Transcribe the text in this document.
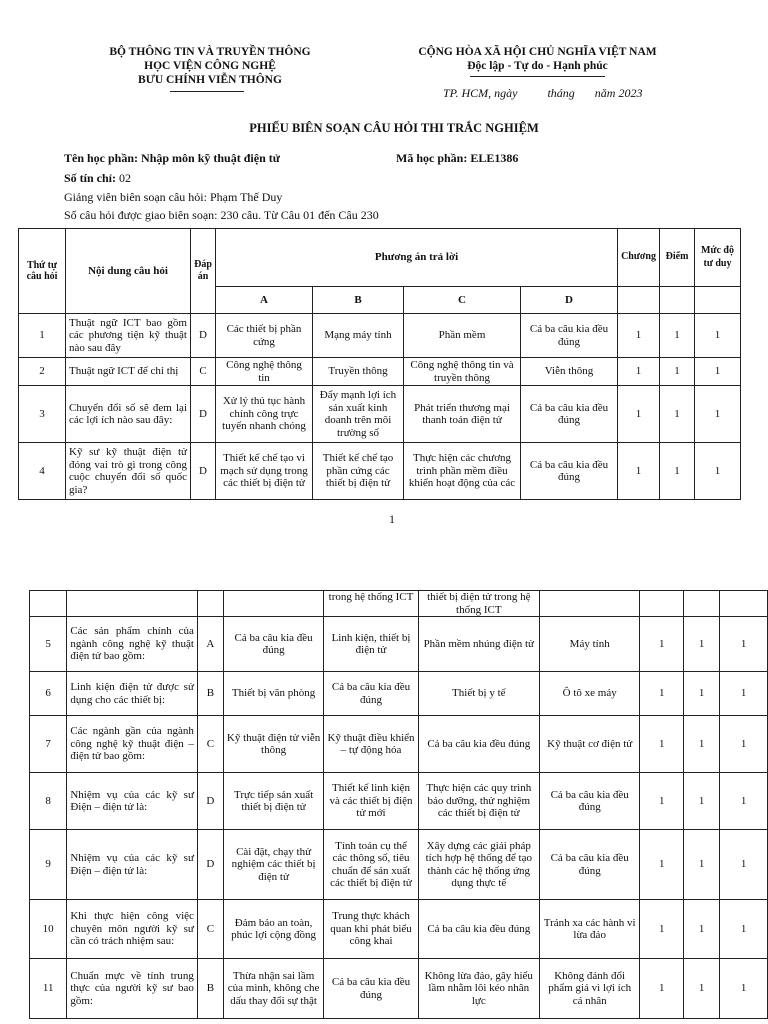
BỘ THÔNG TIN VÀ TRUYỀN THÔNG
HỌC VIỆN CÔNG NGHỆ
BƯU CHÍNH VIỄN THÔNG
CỘNG HÒA XÃ HỘI CHỦ NGHĨA VIỆT NAM
Độc lập - Tự do - Hạnh phúc
TP. HCM, ngày	tháng năm 2023
PHIẾU BIÊN SOẠN CÂU HỎI THI TRẮC NGHIỆM
Tên học phần: Nhập môn kỹ thuật điện tử	Mã học phần: ELE1386
Số tín chỉ: 02
Giảng viên biên soạn câu hỏi: Phạm Thế Duy
Số câu hỏi được giao biên soạn: 230 câu. Từ Câu 01 đến Câu 230
Thứ tự câu hỏi	Nội dung câu hỏi	Đáp án	Phương án trả lời				Chương	Điểm	Mức độ tư duy
			A	B	C	D			
1	Thuật ngữ ICT bao gồm các phương tiện kỹ thuật nào sau đây	D	Các thiết bị phần cứng	Mạng máy tính	Phần mềm	Cả ba câu kia đều đúng	1	1	1
2	Thuật ngữ ICT để chỉ thị	C	Công nghệ thông tin	Truyền thông	Công nghệ thông tin và truyền thông	Viễn thông	1	1	1
3	Chuyển đổi số sẽ đem lại các lợi ích nào sau đây:	D	Xử lý thủ tục hành chính công trực tuyến nhanh chóng	Đẩy mạnh lợi ích sản xuất kinh doanh trên môi trường số	Phát triển thương mại thanh toán điện tử	Cả ba câu kia đều đúng	1	1	1
4	Kỹ sư kỹ thuật điện tử đóng vai trò gì trong công cuộc chuyển đổi số quốc gia?	D	Thiết kế chế tạo vi mạch sử dụng trong các thiết bị điện tử	Thiết kế chế tạo phần cứng các thiết bị điện tử	Thực hiện các chương trình phần mềm điều khiển hoạt động của các	Cả ba câu kia đều đúng	1	1	1
1
				trong hệ thống ICT	thiết bị điện tử trong hệ thống ICT				
5	Các sản phẩm chính của ngành công nghệ kỹ thuật điện tử bao gồm:	A	Cả ba câu kia đều đúng	Linh kiện, thiết bị điện tử	Phần mềm nhúng điện tử	Máy tính	1	1	1
6	Linh kiện điện tử được sử dụng cho các thiết bị:	B	Thiết bị văn phòng	Cả ba câu kia đều đúng	Thiết bị y tế	Ô tô xe máy	1	1	1
7	Các ngành gần của ngành công nghệ kỹ thuật điện – điện tử bao gồm:	C	Kỹ thuật điện tử viễn thông	Kỹ thuật điều khiển – tự động hóa	Cả ba câu kia đều đúng	Kỹ thuật cơ điện tử	1	1	1
8	Nhiệm vụ của các kỹ sư Điện – điện tử là:	D	Trực tiếp sản xuất thiết bị điện tử	Thiết kế linh kiện và các thiết bị điện tử mới	Thực hiện các quy trình bảo dưỡng, thử nghiệm các thiết bị điện tử	Cả ba câu kia đều đúng	1	1	1
9	Nhiệm vụ của các kỹ sư Điện – điện tử là:	D	Cài đặt, chạy thử nghiệm các thiết bị điện tử	Tính toán cụ thể các thông số, tiêu chuẩn để sản xuất các thiết bị điện tử	Xây dựng các giải pháp tích hợp hệ thống để tạo thành các hệ thống ứng dụng thực tế	Cả ba câu kia đều đúng	1	1	1
10	Khi thực hiện công việc chuyên môn người kỹ sư cần có trách nhiệm sau:	C	Đảm bảo an toàn, phúc lợi cộng đồng	Trung thực khách quan khi phát biểu công khai	Cả ba câu kia đều đúng	Tránh xa các hành vi lừa đảo	1	1	1
11	Chuẩn mực về tính trung thực của người kỹ sư bao gồm:	B	Thừa nhận sai lầm của mình, không che dấu thay đổi sự thật	Cả ba câu kia đều đúng	Không lừa đảo, gây hiểu lầm nhằm lôi kéo nhân lực	Không đánh đổi phẩm giá vì lợi ích cá nhân	1	1	1
